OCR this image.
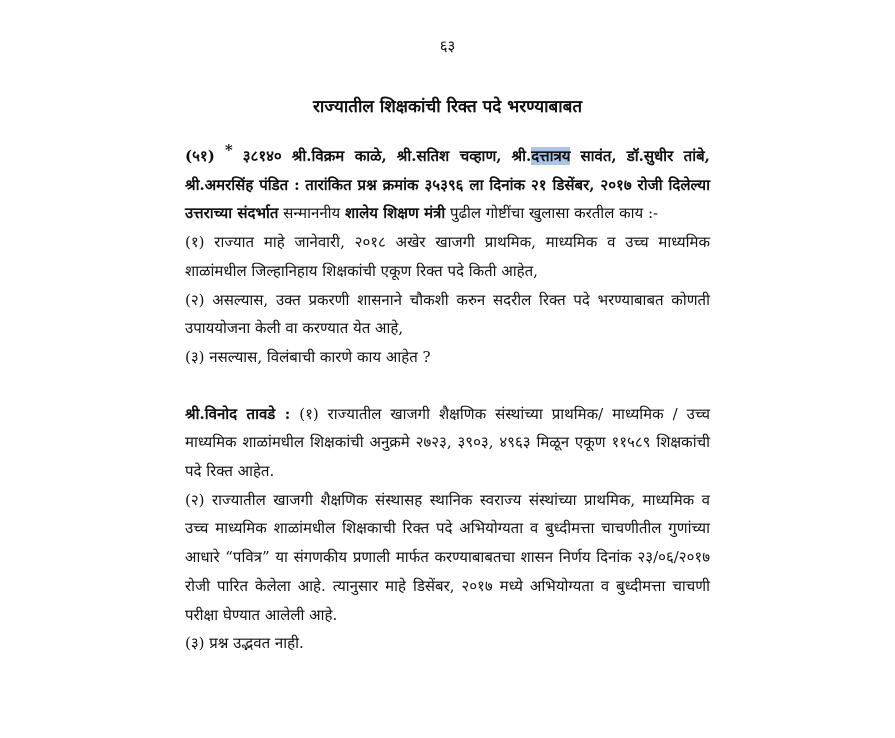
६३
राज्यातील शिक्षकांची रिक्त पदे भरण्याबाबत

(५१) * ३८१४० श्री.विक्रम काळे, श्री.सतिश चव्हाण, श्री.दत्तात्रय सावंत, डॉ.सुधीर तांबे, श्री.अमरसिंह पंडित : तारांकित प्रश्न क्रमांक ३५३९६ ला दिनांक २१ डिसेंबर, २०१७ रोजी दिलेल्या उत्तराच्या संदर्भात सन्माननीय शालेय शिक्षण मंत्री पुढील गोष्टींचा खुलासा करतील काय :-

(१) राज्यात माहे जानेवारी, २०१८ अखेर खाजगी प्राथमिक, माध्यमिक व उच्च माध्यमिक शाळांमधील जिल्हानिहाय शिक्षकांची एकूण रिक्त पदे किती आहेत,

(२) असल्यास, उक्त प्रकरणी शासनाने चौकशी करुन सदरील रिक्त पदे भरण्याबाबत कोणती उपाययोजना केली वा करण्यात येत आहे,

(३) नसल्यास, विलंबाची कारणे काय आहेत ?

श्री.विनोद तावडे : (१) राज्यातील खाजगी शैक्षणिक संस्थांच्या प्राथमिक/ माध्यमिक / उच्च माध्यमिक शाळांमधील शिक्षकांची अनुक्रमे २७२३, ३९०३, ४९६३ मिळून एकूण ११५८९ शिक्षकांची पदे रिक्त आहेत.

(२) राज्यातील खाजगी शैक्षणिक संस्थासह स्थानिक स्वराज्य संस्थांच्या प्राथमिक, माध्यमिक व उच्च माध्यमिक शाळांमधील शिक्षकाची रिक्त पदे अभियोग्यता व बुध्दीमत्ता चाचणीतील गुणांच्या आधारे “पवित्र” या संगणकीय प्रणाली मार्फत करण्याबाबतचा शासन निर्णय दिनांक २३/०६/२०१७ रोजी पारित केलेला आहे. त्यानुसार माहे डिसेंबर, २०१७ मध्ये अभियोग्यता व बुध्दीमत्ता चाचणी परीक्षा घेण्यात आलेली आहे.

(३) प्रश्न उद्भवत नाही.
